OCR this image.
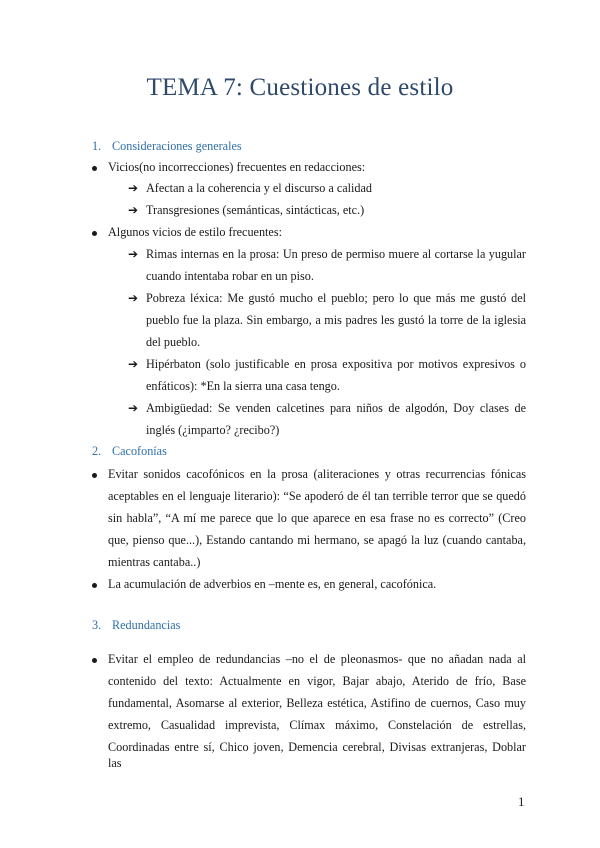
TEMA 7: Cuestiones de estilo
1. Consideraciones generales
Vicios(no incorrecciones) frecuentes en redacciones:
➔ Afectan a la coherencia y el discurso a calidad
➔ Transgresiones (semánticas, sintácticas, etc.)
Algunos vicios de estilo frecuentes:
➔ Rimas internas en la prosa: Un preso de permiso muere al cortarse la yugular
cuando intentaba robar en un piso.
➔ Pobreza léxica: Me gustó mucho el pueblo; pero lo que más me gustó del
pueblo fue la plaza. Sin embargo, a mis padres les gustó la torre de la iglesia
del pueblo.
➔ Hipérbaton (solo justificable en prosa expositiva por motivos expresivos o
enfáticos): *En la sierra una casa tengo.
➔ Ambigüedad: Se venden calcetines para niños de algodón, Doy clases de
inglés (¿imparto? ¿recibo?)
2. Cacofonías
Evitar sonidos cacofónicos en la prosa (aliteraciones y otras recurrencias fónicas
aceptables en el lenguaje literario): “Se apoderó de él tan terrible terror que se quedó
sin habla”, “A mí me parece que lo que aparece en esa frase no es correcto” (Creo
que, pienso que...), Estando cantando mi hermano, se apagó la luz (cuando cantaba,
mientras cantaba..)
La acumulación de adverbios en –mente es, en general, cacofónica.
3. Redundancias
Evitar el empleo de redundancias –no el de pleonasmos- que no añadan nada al
contenido del texto: Actualmente en vigor, Bajar abajo, Aterido de frío, Base
fundamental, Asomarse al exterior, Belleza estética, Astifino de cuernos, Caso muy
extremo, Casualidad imprevista, Clímax máximo, Constelación de estrellas,
Coordinadas entre sí, Chico joven, Demencia cerebral, Divisas extranjeras, Doblar las
1
